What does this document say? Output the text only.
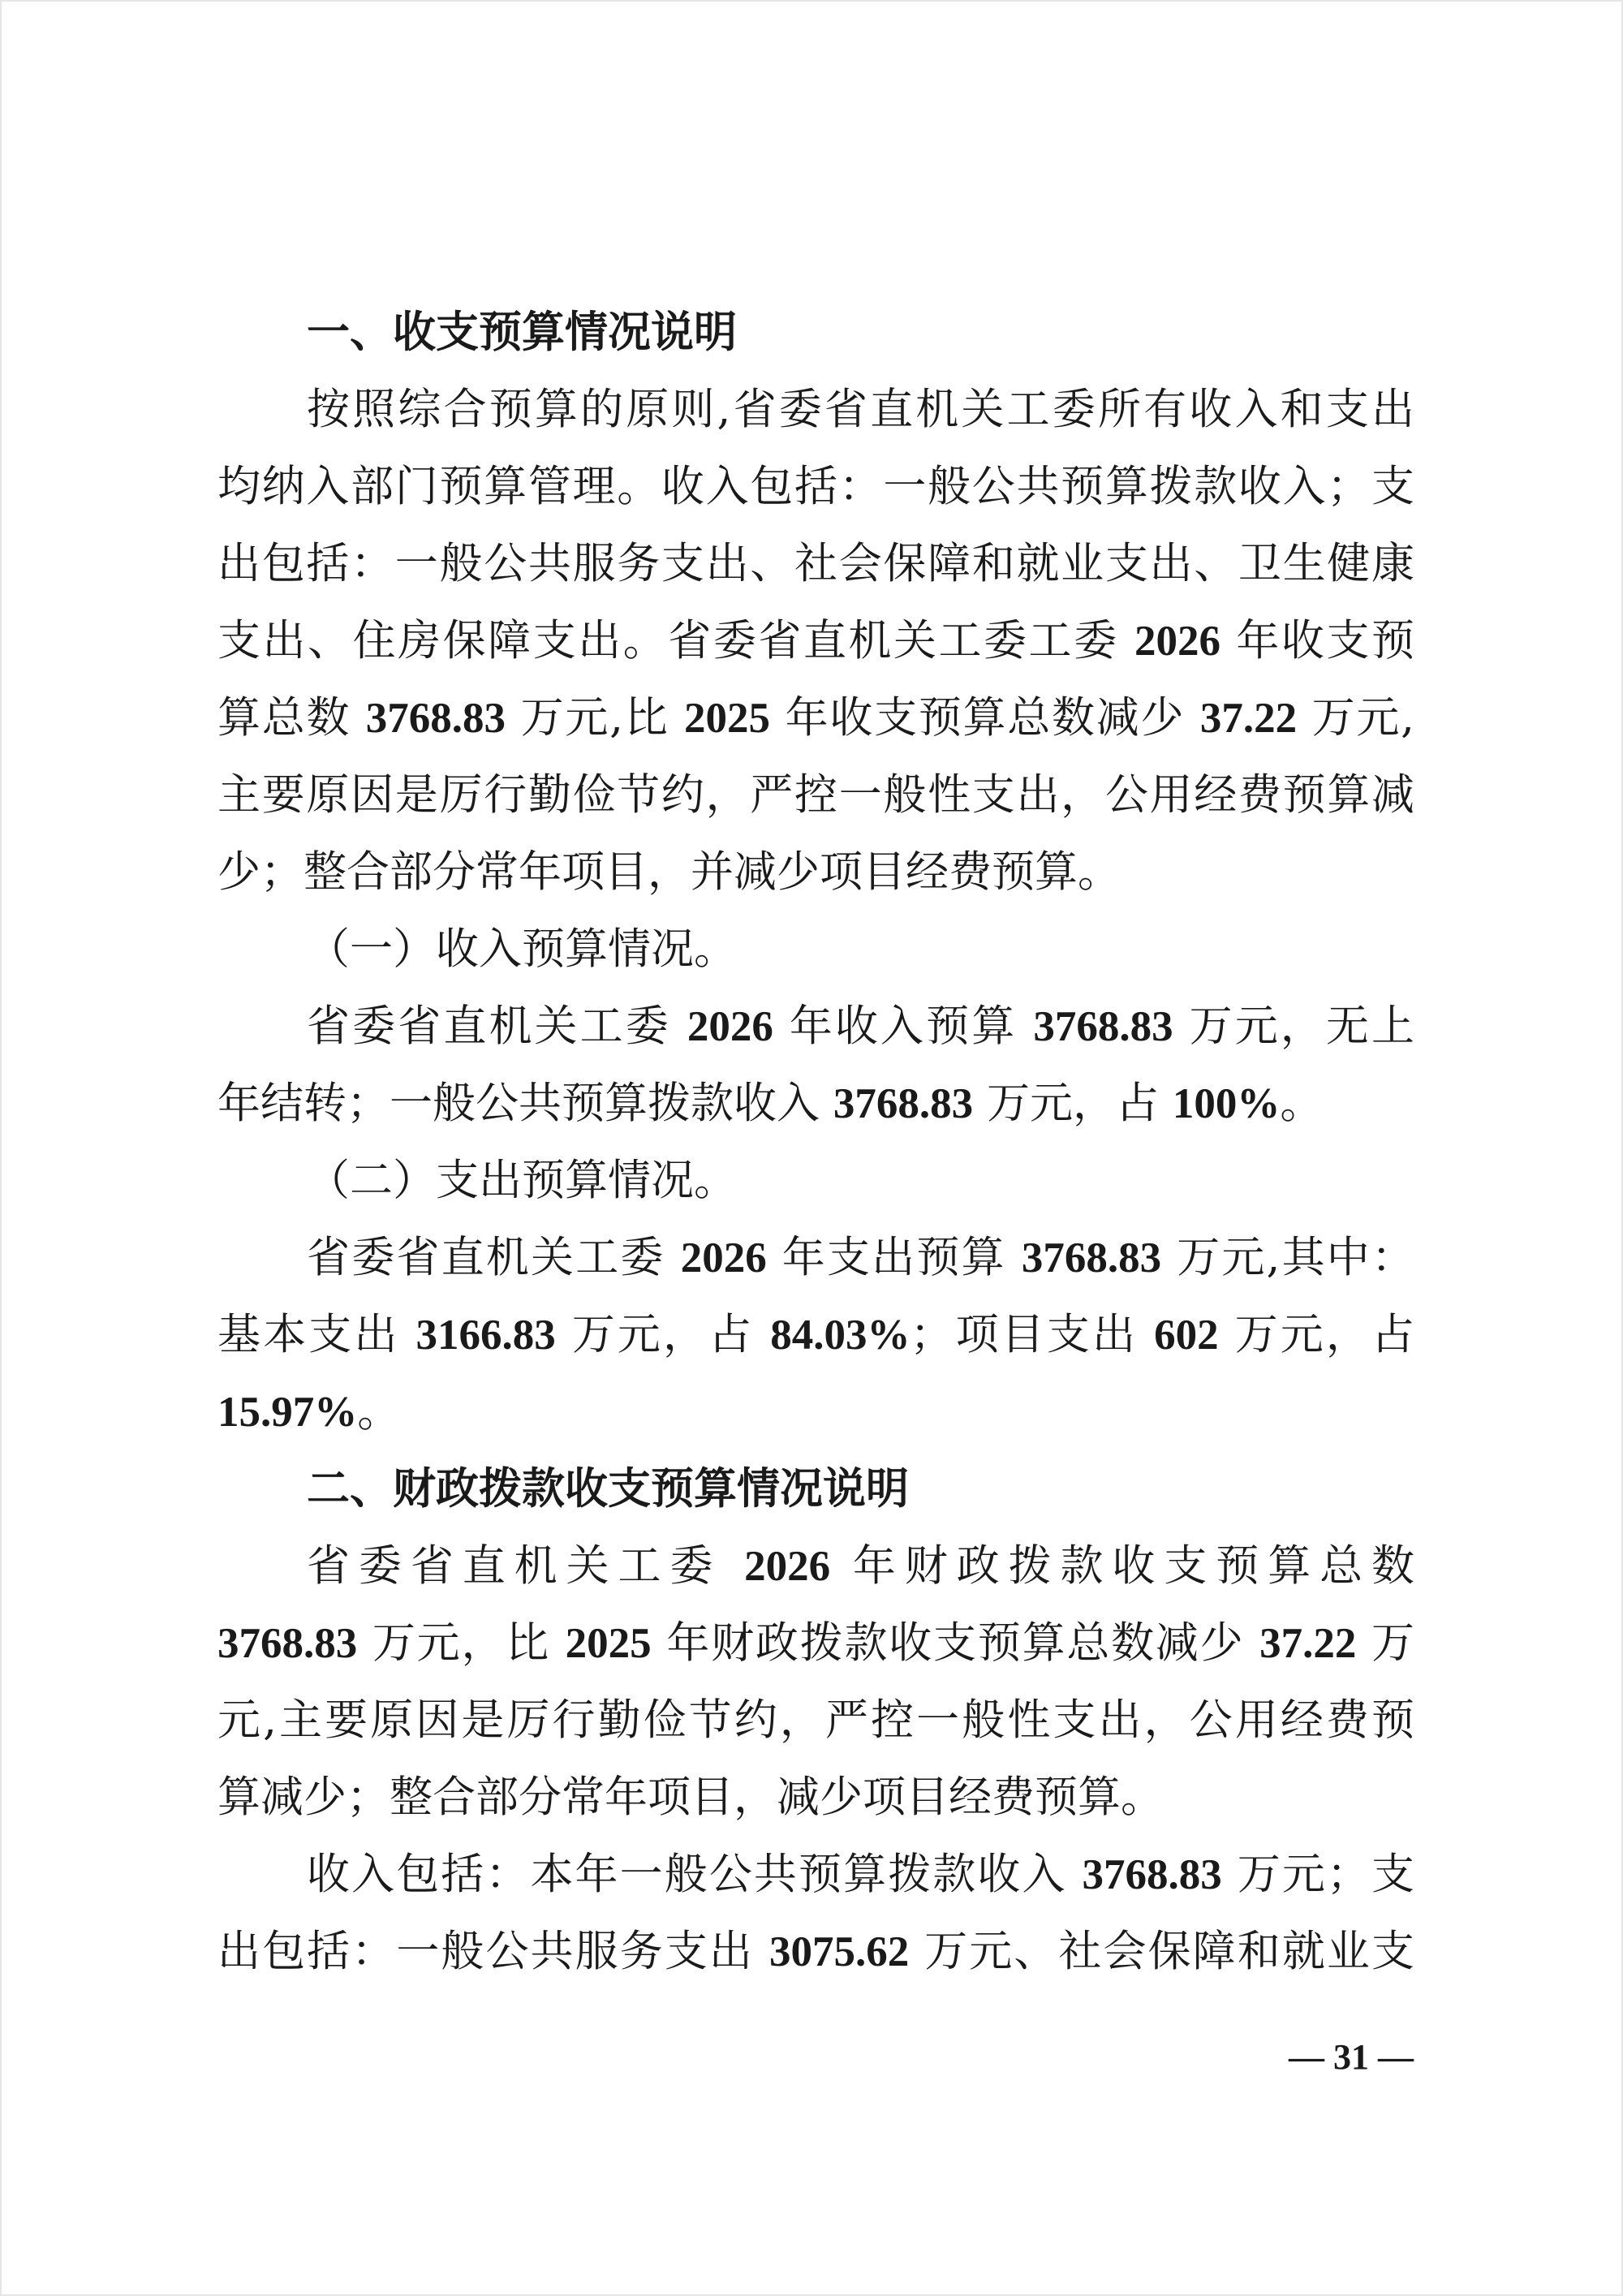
一、收支预算情况说明
按照综合预算的原则,省委省直机关工委所有收入和支出
均纳入部门预算管理。收入包括：一般公共预算拨款收入；支
出包括：一般公共服务支出、社会保障和就业支出、卫生健康
支出、住房保障支出。省委省直机关工委工委 2026 年收支预
算总数 3768.83 万元,比 2025 年收支预算总数减少 37.22 万元,
主要原因是厉行勤俭节约，严控一般性支出，公用经费预算减
少；整合部分常年项目，并减少项目经费预算。
（一）收入预算情况。
省委省直机关工委 2026 年收入预算 3768.83 万元，无上
年结转；一般公共预算拨款收入 3768.83 万元，占 100%。
（二）支出预算情况。
省委省直机关工委 2026 年支出预算 3768.83 万元,其中：
基本支出 3166.83 万元，占 84.03%；项目支出 602 万元，占
15.97%。
二、财政拨款收支预算情况说明
省委省直机关工委 2026 年财政拨款收支预算总数
3768.83 万元，比 2025 年财政拨款收支预算总数减少 37.22 万
元,主要原因是厉行勤俭节约，严控一般性支出，公用经费预
算减少；整合部分常年项目，减少项目经费预算。
收入包括：本年一般公共预算拨款收入 3768.83 万元；支
出包括：一般公共服务支出 3075.62 万元、社会保障和就业支
— 31 —
